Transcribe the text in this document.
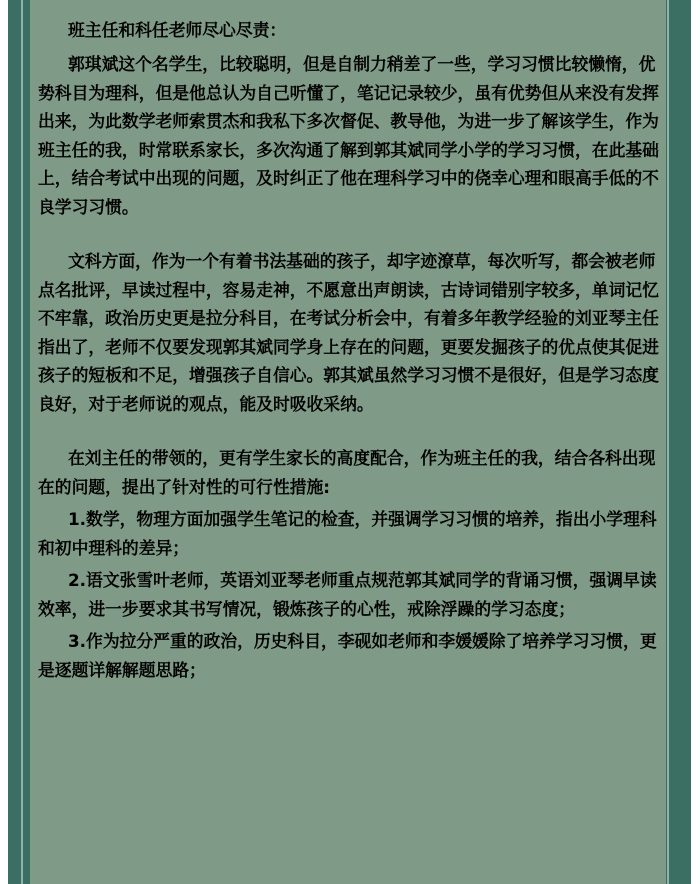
班主任和科任老师尽心尽责：

郭琪斌这个名学生，比较聪明，但是自制力稍差了一些，学习习惯比较懒惰，优势科目为理科，但是他总认为自己听懂了，笔记记录较少，虽有优势但从来没有发挥出来，为此数学老师索贯杰和我私下多次督促、教导他，为进一步了解该学生，作为班主任的我，时常联系家长，多次沟通了解到郭其斌同学小学的学习习惯，在此基础上，结合考试中出现的问题，及时纠正了他在理科学习中的侥幸心理和眼高手低的不良学习习惯。

文科方面，作为一个有着书法基础的孩子，却字迹潦草，每次听写，都会被老师点名批评，早读过程中，容易走神，不愿意出声朗读，古诗词错别字较多，单词记忆不牢靠，政治历史更是拉分科目，在考试分析会中，有着多年教学经验的刘亚琴主任指出了，老师不仅要发现郭其斌同学身上存在的问题，更要发掘孩子的优点使其促进孩子的短板和不足，增强孩子自信心。郭其斌虽然学习习惯不是很好，但是学习态度良好，对于老师说的观点，能及时吸收采纳。

在刘主任的带领的，更有学生家长的高度配合，作为班主任的我，结合各科出现在的问题，提出了针对性的可行性措施:

1.数学，物理方面加强学生笔记的检查，并强调学习习惯的培养，指出小学理科和初中理科的差异；

2.语文张雪叶老师，英语刘亚琴老师重点规范郭其斌同学的背诵习惯，强调早读效率，进一步要求其书写情况，锻炼孩子的心性，戒除浮躁的学习态度；

3.作为拉分严重的政治，历史科目，李砚如老师和李媛媛除了培养学习习惯，更是逐题详解解题思路；
